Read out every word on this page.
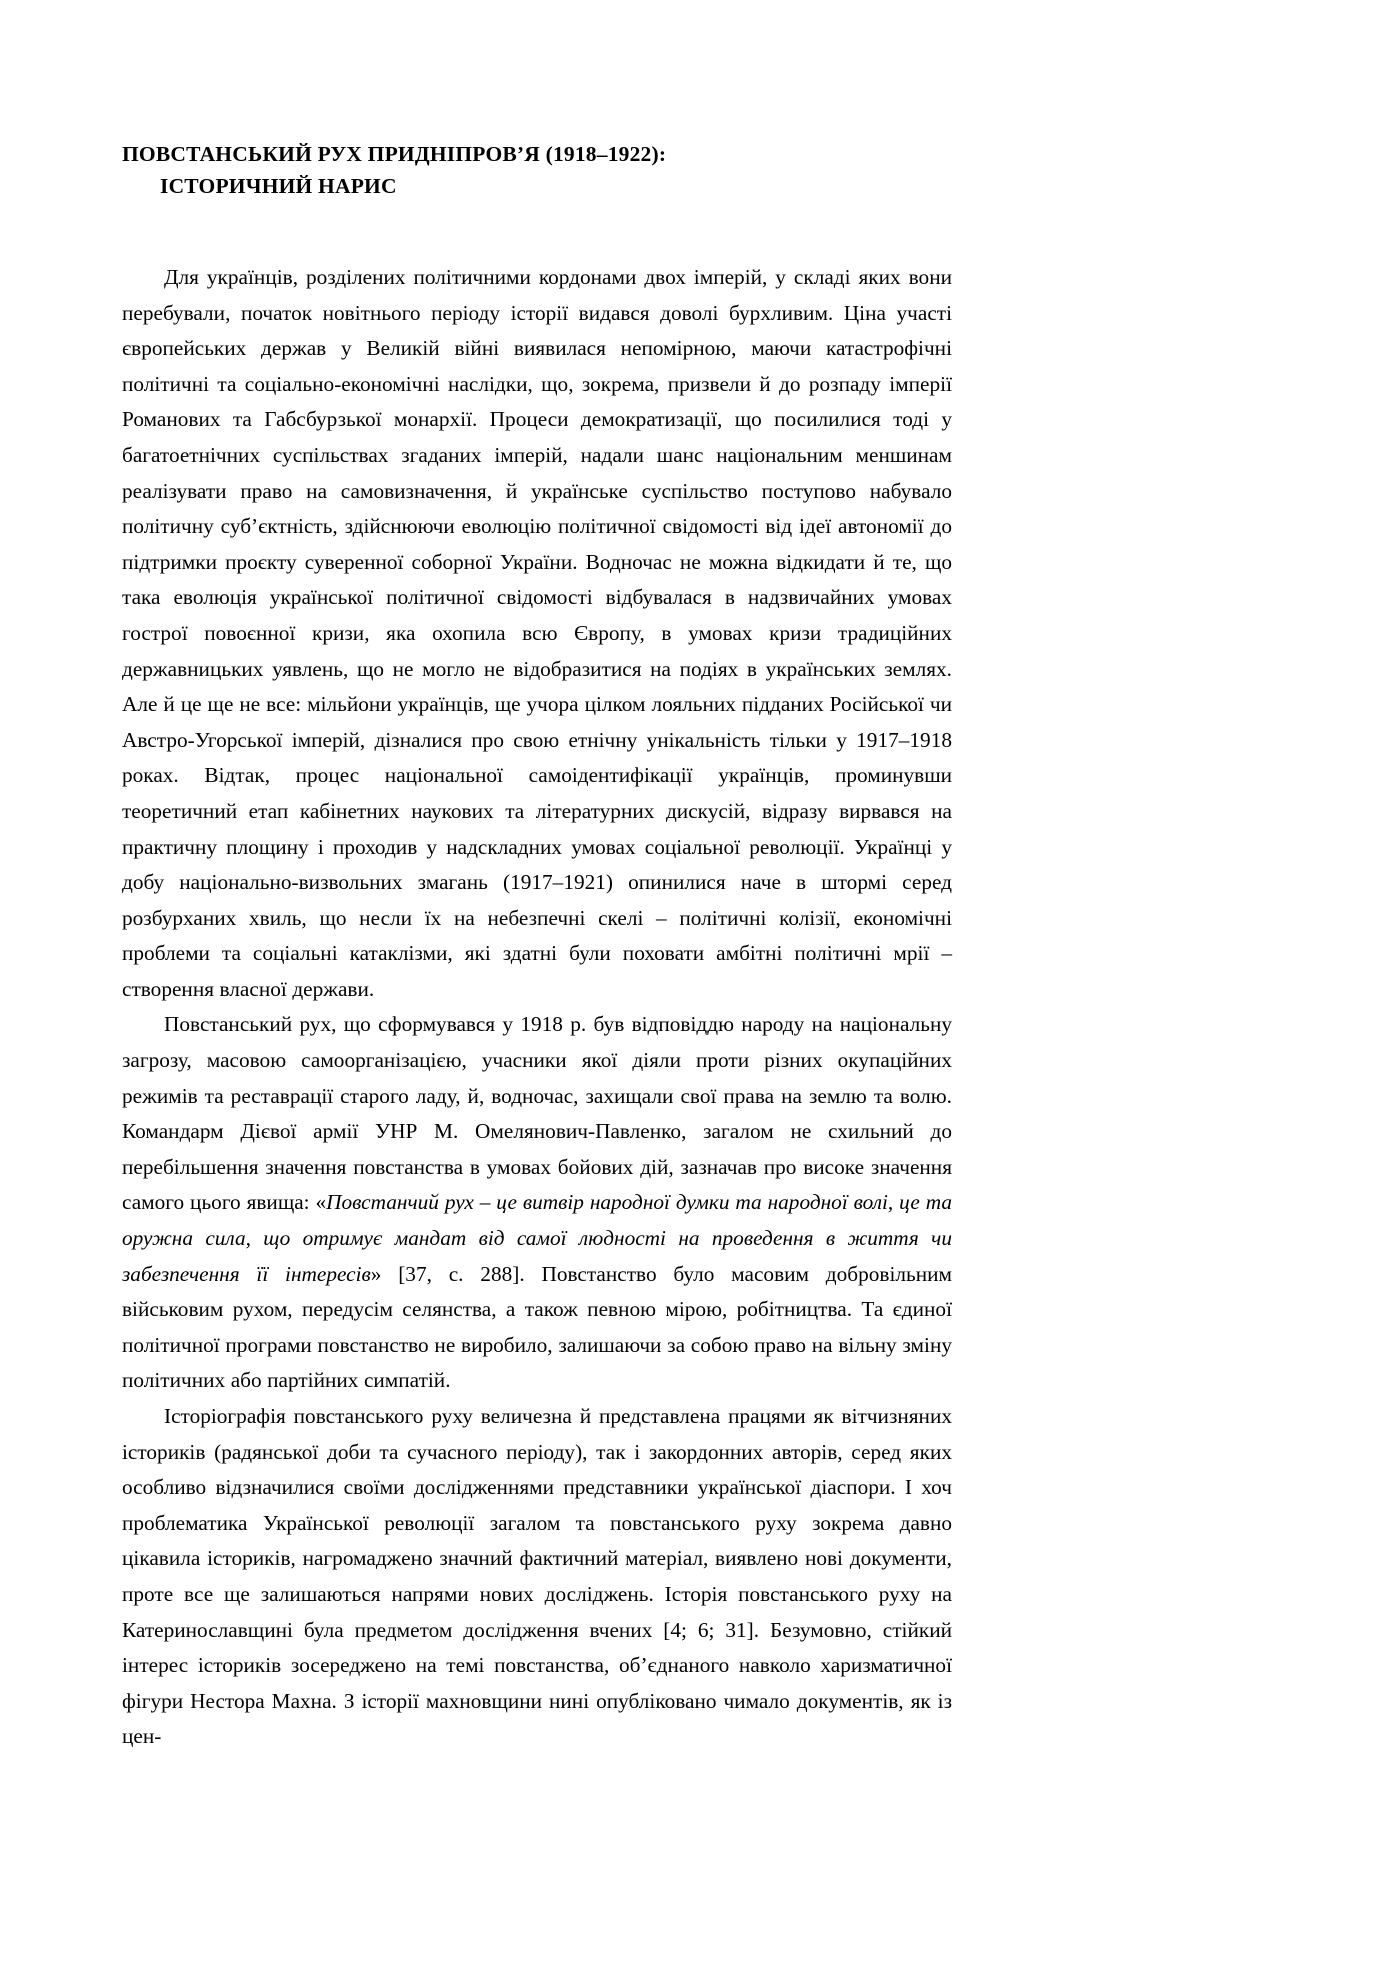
ПОВСТАНСЬКИЙ РУХ ПРИДНІПРОВ’Я (1918–1922):
ІСТОРИЧНИЙ НАРИС

Для українців, розділених політичними кордонами двох імперій, у складі яких вони перебували, початок новітнього періоду історії видався доволі бурхливим. Ціна участі європейських держав у Великій війні виявилася непомірною, маючи катастрофічні політичні та соціально-економічні наслідки, що, зокрема, призвели й до розпаду імперії Романових та Габсбурзької монархії. Процеси демократизації, що посилилися тоді у багатоетнічних суспільствах згаданих імперій, надали шанс національним меншинам реалізувати право на самовизначення, й українське суспільство поступово набувало політичну суб’єктність, здійснюючи еволюцію політичної свідомості від ідеї автономії до підтримки проєкту суверенної соборної України. Водночас не можна відкидати й те, що така еволюція української політичної свідомості відбувалася в надзвичайних умовах гострої повоєнної кризи, яка охопила всю Європу, в умовах кризи традиційних державницьких уявлень, що не могло не відобразитися на подіях в українських землях. Але й це ще не все: мільйони українців, ще учора цілком лояльних підданих Російської чи Австро-Угорської імперій, дізналися про свою етнічну унікальність тільки у 1917–1918 роках. Відтак, процес національної самоідентифікації українців, проминувши теоретичний етап кабінетних наукових та літературних дискусій, відразу вирвався на практичну площину і проходив у надскладних умовах соціальної революції. Українці у добу національно-визвольних змагань (1917–1921) опинилися наче в штормі серед розбурханих хвиль, що несли їх на небезпечні скелі – політичні колізії, економічні проблеми та соціальні катаклізми, які здатні були поховати амбітні політичні мрії – створення власної держави.

Повстанський рух, що сформувався у 1918 р. був відповіддю народу на національну загрозу, масовою самоорганізацією, учасники якої діяли проти різних окупаційних режимів та реставрації старого ладу, й, водночас, захищали свої права на землю та волю. Командарм Дієвої армії УНР М. Омелянович-Павленко, загалом не схильний до перебільшення значення повстанства в умовах бойових дій, зазначав про високе значення самого цього явища: «Повстанчий рух – це витвір народної думки та народної волі, це та оружна сила, що отримує мандат від самої людності на проведення в життя чи забезпечення її інтересів» [37, с. 288]. Повстанство було масовим добровільним військовим рухом, передусім селянства, а також певною мірою, робітництва. Та єдиної політичної програми повстанство не виробило, залишаючи за собою право на вільну зміну політичних або партійних симпатій.

Історіографія повстанського руху величезна й представлена працями як вітчизняних істориків (радянської доби та сучасного періоду), так і закордонних авторів, серед яких особливо відзначилися своїми дослідженнями представники української діаспори. І хоч проблематика Української революції загалом та повстанського руху зокрема давно цікавила істориків, нагромаджено значний фактичний матеріал, виявлено нові документи, проте все ще залишаються напрями нових досліджень. Історія повстанського руху на Катеринославщині була предметом дослідження вчених [4; 6; 31]. Безумовно, стійкий інтерес істориків зосереджено на темі повстанства, об’єднаного навколо харизматичної фігури Нестора Махна. З історії махновщини нині опубліковано чимало документів, як із цен-
